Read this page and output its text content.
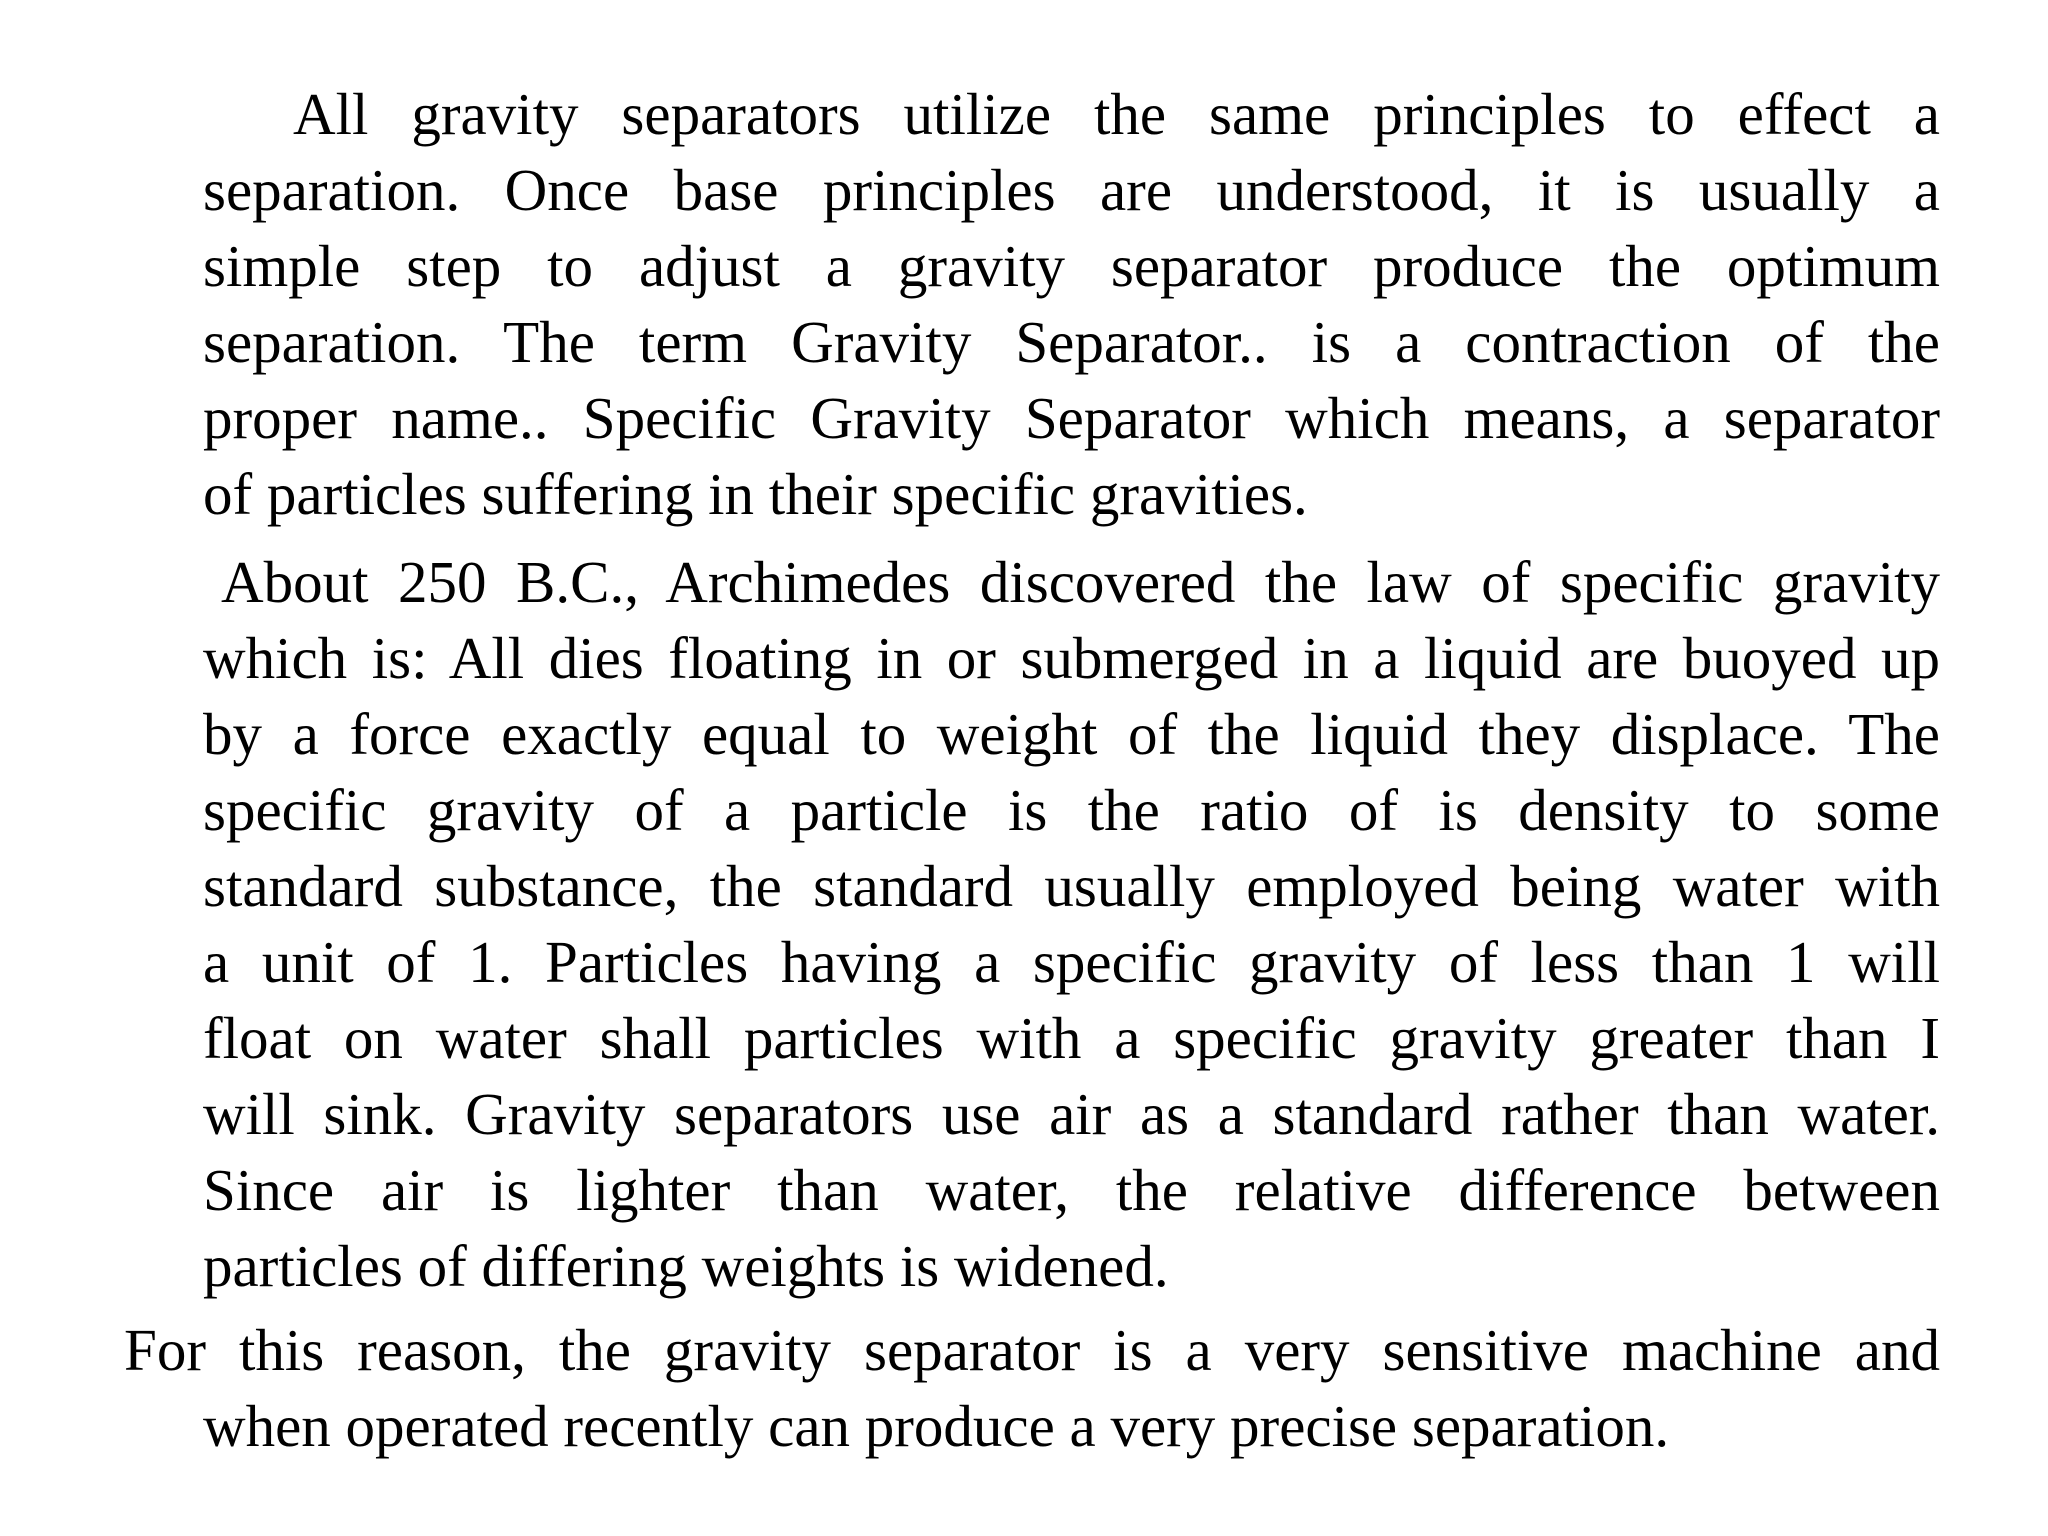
All gravity separators utilize the same principles to effect a
separation. Once base principles are understood, it is usually a
simple step to adjust a gravity separator produce the optimum
separation. The term Gravity Separator.. is a contraction of the
proper name.. Specific Gravity Separator which means, a separator
of particles suffering in their specific gravities.
About 250 B.C., Archimedes discovered the law of specific gravity
which is: All dies floating in or submerged in a liquid are buoyed up
by a force exactly equal to weight of the liquid they displace. The
specific gravity of a particle is the ratio of is density to some
standard substance, the standard usually employed being water with
a unit of 1. Particles having a specific gravity of less than 1 will
float on water shall particles with a specific gravity greater than I
will sink. Gravity separators use air as a standard rather than water.
Since air is lighter than water, the relative difference between
particles of differing weights is widened.
For this reason, the gravity separator is a very sensitive machine and
when operated recently can produce a very precise separation.
